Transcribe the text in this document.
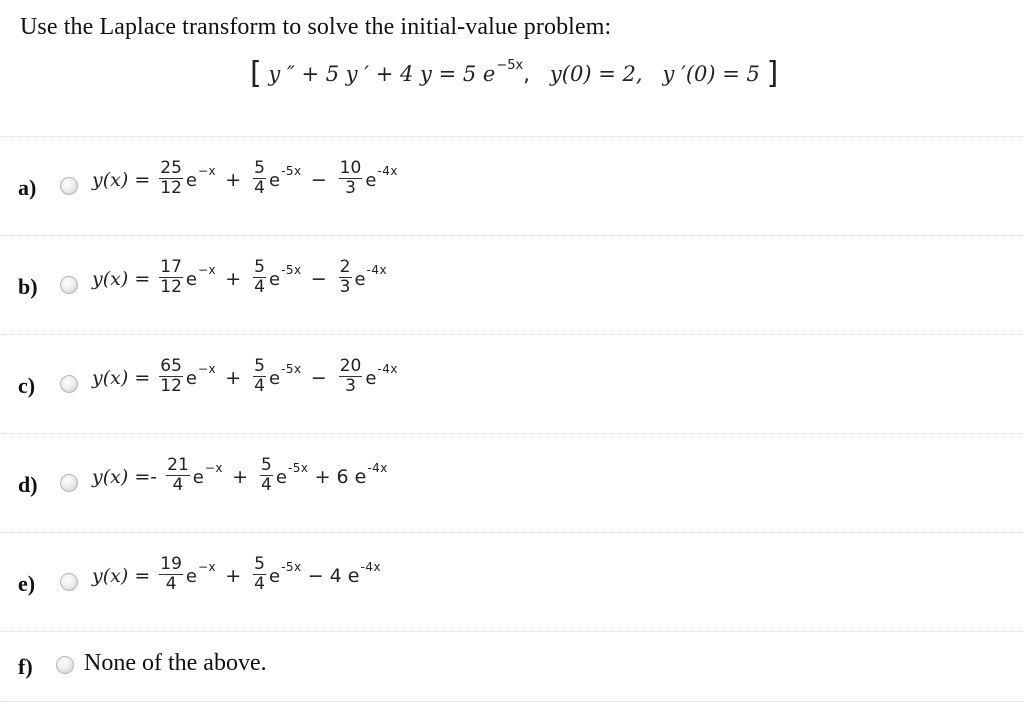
Use the Laplace transform to solve the initial-value problem:
[ y ″ + 5 y ′ + 4 y = 5 $e^{-5x}$,   y(0) = 2, y ′(0) = 5 ]
a)	$y(x) = \frac{25}{12} e^{-x} + \frac{5}{4} e^{-5x} - \frac{10}{3} e^{-4x}$
b)	$y(x) = \frac{17}{12} e^{-x} + \frac{5}{4} e^{-5x} - \frac{2}{3} e^{-4x}$
c)	$y(x) = \frac{65}{12} e^{-x} + \frac{5}{4} e^{-5x} - \frac{20}{3} e^{-4x}$
d)	$y(x) =- \frac{21}{4} e^{-x} + \frac{5}{4} e^{-5x} + 6$ $e^{-4x}$
e)	$y(x) = \frac{19}{4} e^{-x} + \frac{5}{4} e^{-5x} - 4$ $e^{-4x}$
f) None of the above.
